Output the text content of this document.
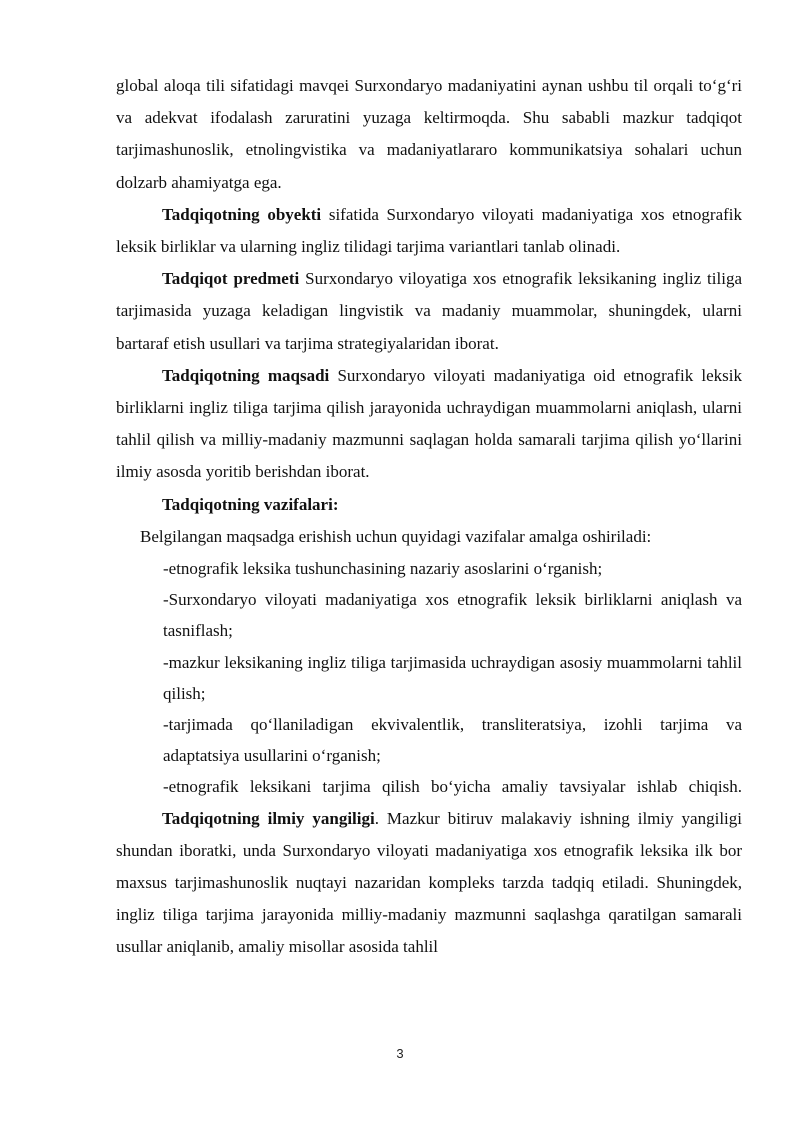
global aloqa tili sifatidagi mavqei Surxondaryo madaniyatini aynan ushbu til orqali to‘g‘ri va adekvat ifodalash zaruratini yuzaga keltirmoqda. Shu sababli mazkur tadqiqot tarjimashunoslik, etnolingvistika va madaniyatlararo kommunikatsiya sohalari uchun dolzarb ahamiyatga ega.

Tadqiqotning obyekti sifatida Surxondaryo viloyati madaniyatiga xos etnografik leksik birliklar va ularning ingliz tilidagi tarjima variantlari tanlab olinadi.

Tadqiqot predmeti Surxondaryo viloyatiga xos etnografik leksikaning ingliz tiliga tarjimasida yuzaga keladigan lingvistik va madaniy muammolar, shuningdek, ularni bartaraf etish usullari va tarjima strategiyalaridan iborat.

Tadqiqotning maqsadi Surxondaryo viloyati madaniyatiga oid etnografik leksik birliklarni ingliz tiliga tarjima qilish jarayonida uchraydigan muammolarni aniqlash, ularni tahlil qilish va milliy-madaniy mazmunni saqlagan holda samarali tarjima qilish yo‘llarini ilmiy asosda yoritib berishdan iborat.

Tadqiqotning vazifalari:

Belgilangan maqsadga erishish uchun quyidagi vazifalar amalga oshiriladi:

-etnografik leksika tushunchasining nazariy asoslarini o‘rganish;

-Surxondaryo viloyati madaniyatiga xos etnografik leksik birliklarni aniqlash va tasniflash;

-mazkur leksikaning ingliz tiliga tarjimasida uchraydigan asosiy muammolarni tahlil qilish;

-tarjimada qo‘llaniladigan ekvivalentlik, transliteratsiya, izohli tarjima va adaptatsiya usullarini o‘rganish;

-etnografik leksikani tarjima qilish bo‘yicha amaliy tavsiyalar ishlab chiqish.

Tadqiqotning ilmiy yangiligi. Mazkur bitiruv malakaviy ishning ilmiy yangiligi shundan iboratki, unda Surxondaryo viloyati madaniyatiga xos etnografik leksika ilk bor maxsus tarjimashunoslik nuqtayi nazaridan kompleks tarzda tadqiq etiladi. Shuningdek, ingliz tiliga tarjima jarayonida milliy-madaniy mazmunni saqlashga qaratilgan samarali usullar aniqlanib, amaliy misollar asosida tahlil

3
